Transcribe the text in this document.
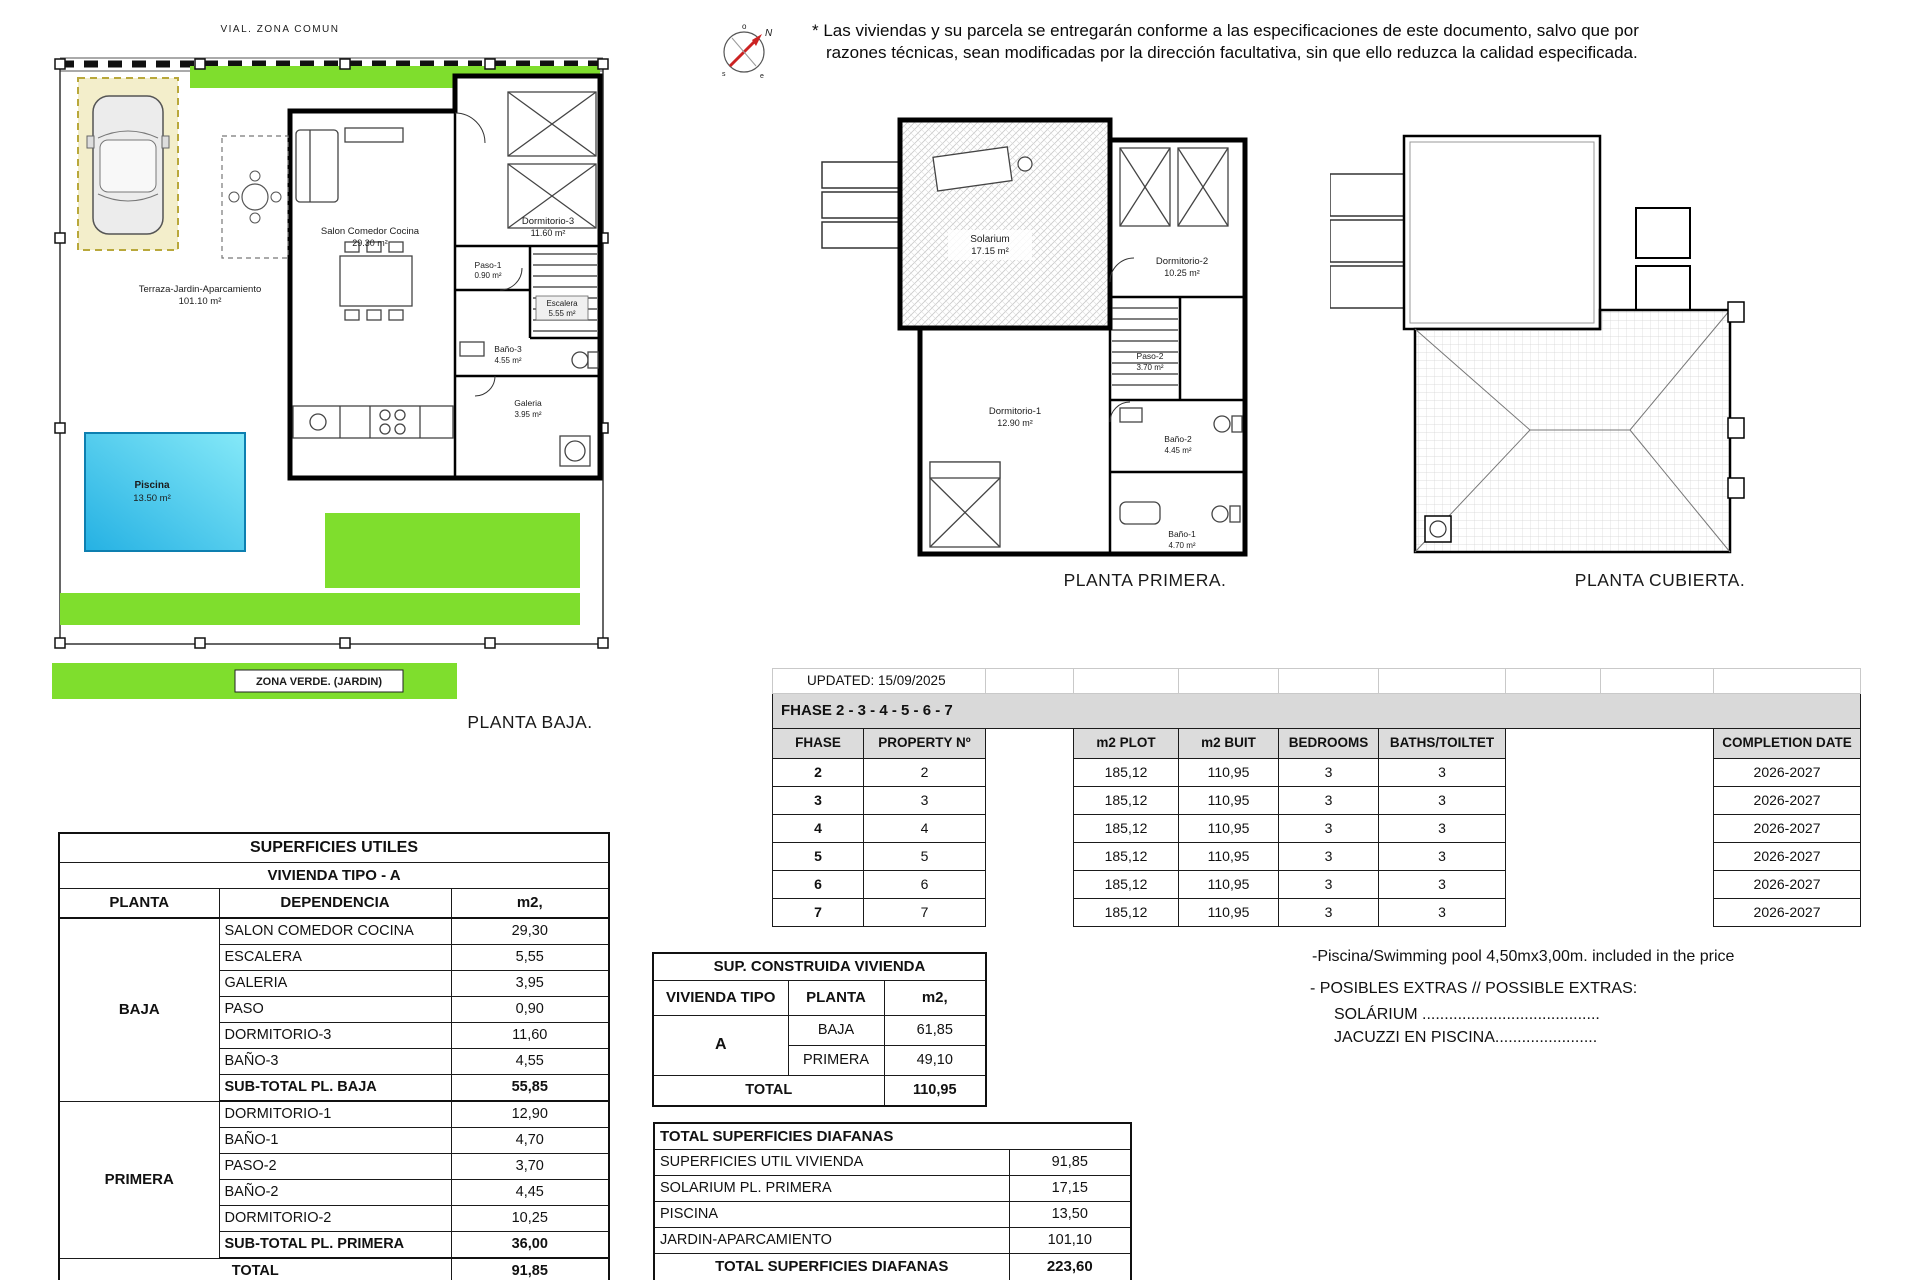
VIAL. ZONA COMUN
Terraza-Jardin-Aparcamiento
101.10 m²
Piscina
13.50 m²
Salon Comedor Cocina
29.30 m²
Dormitorio-3
11.60 m²
Paso-1
0.90 m²
Escalera
5.55 m²
Baño-3
4.55 m²
Galeria
3.95 m²
ZONA VERDE. (JARDIN)
PLANTA BAJA.
o
N
s	e
* Las viviendas y su parcela se entregarán conforme a las especificaciones de este documento, salvo que por
razones técnicas, sean modificadas por la dirección facultativa, sin que ello reduzca la calidad especificada.
Solarium
17.15 m²
Dormitorio-2
10.25 m²
Paso-2
3.70 m²
Dormitorio-1
12.90 m²
Baño-2
4.45 m²
Baño-1
4.70 m²
PLANTA PRIMERA.	PLANTA CUBIERTA.
UPDATED: 15/09/2025									
FHASE 2 - 3 - 4 - 5 - 6 - 7									
FHASE	PROPERTY Nº		m2 PLOT	m2 BUIT	BEDROOMS	BATHS/TOILTET			COMPLETION DATE
2	2		185,12	110,95	3	3			2026-2027
3	3		185,12	110,95	3	3			2026-2027
4	4		185,12	110,95	3	3			2026-2027
5	5		185,12	110,95	3	3			2026-2027
6	6		185,12	110,95	3	3			2026-2027
7	7		185,12	110,95	3	3			2026-2027
SUPERFICIES UTILES		
VIVIENDA TIPO - A		
PLANTA	DEPENDENCIA	m2,
BAJA	SALON COMEDOR COCINA	29,30
	ESCALERA	5,55
	GALERIA	3,95
	PASO	0,90
	DORMITORIO-3	11,60
	BAÑO-3	4,55
	SUB-TOTAL PL. BAJA	55,85
PRIMERA	DORMITORIO-1	12,90
	BAÑO-1	4,70
	PASO-2	3,70
	BAÑO-2	4,45
	DORMITORIO-2	10,25
	SUB-TOTAL PL. PRIMERA	36,00
TOTAL		91,85
SUP. CONSTRUIDA VIVIENDA		
VIVIENDA TIPO	PLANTA	m2,
A	BAJA	61,85
	PRIMERA	49,10
TOTAL		110,95
TOTAL SUPERFICIES DIAFANAS	
SUPERFICIES UTIL VIVIENDA	91,85
SOLARIUM PL. PRIMERA	17,15
PISCINA	13,50
JARDIN-APARCAMIENTO	101,10
TOTAL SUPERFICIES DIAFANAS	223,60
-Piscina/Swimming pool 4,50mx3,00m. included in the price
- POSIBLES EXTRAS // POSSIBLE EXTRAS:
SOLÁRIUM ........................................
JACUZZI EN PISCINA.......................
